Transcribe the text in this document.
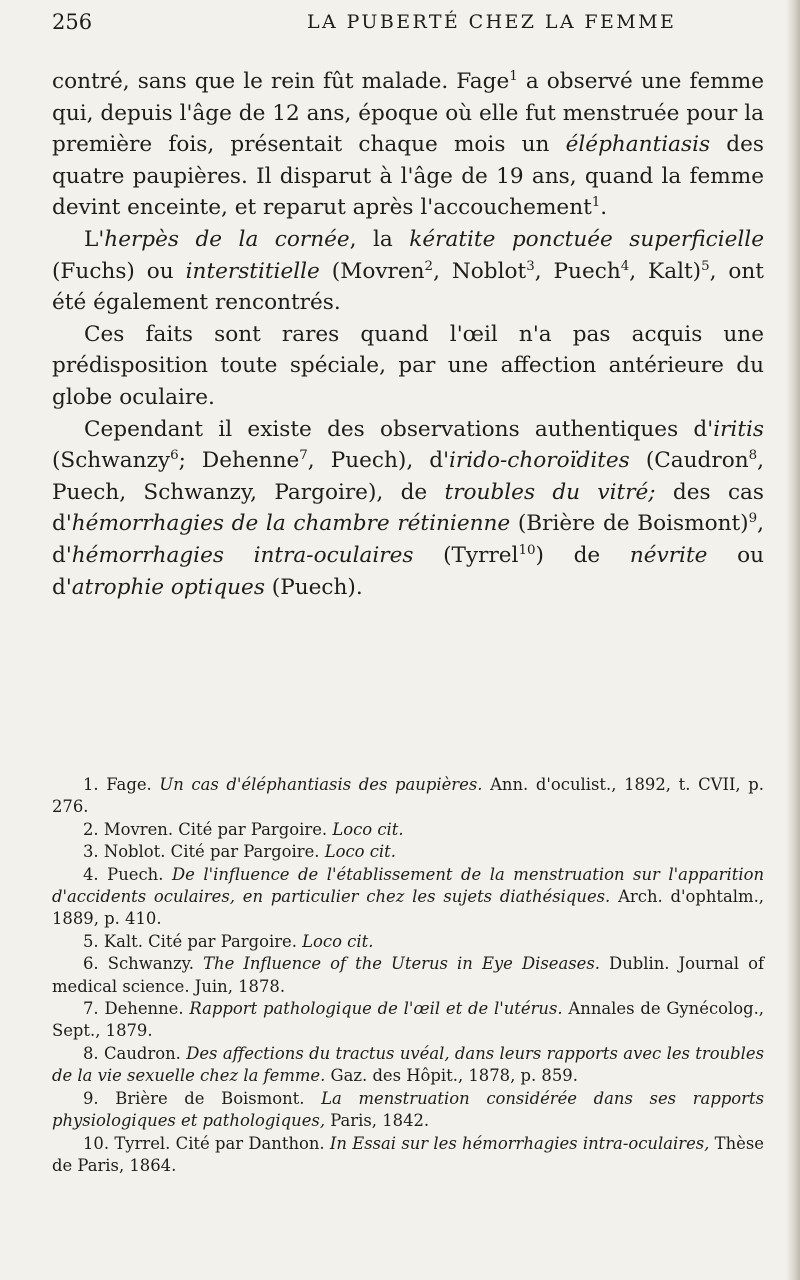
256	LA PUBERTÉ CHEZ LA FEMME

contré, sans que le rein fût malade. Fage$^1$ a observé une femme qui, depuis l'âge de 12 ans, époque où elle fut menstruée pour la première fois, présentait chaque mois un éléphantiasis des quatre paupières. Il disparut à l'âge de 19 ans, quand la femme devint enceinte, et reparut après l'accouchement$^1$.

L'herpès de la cornée, la kératite ponctuée superficielle (Fuchs) ou interstitielle (Movren$^2$, Noblot$^3$, Puech$^4$, Kalt)$^5$, ont été également rencontrés.

Ces faits sont rares quand l'œil n'a pas acquis une prédisposition toute spéciale, par une affection antérieure du globe oculaire.

Cependant il existe des observations authentiques d'iritis (Schwanzy$^6$; Dehenne$^7$, Puech), d'irido-choroïdites (Caudron$^8$, Puech, Schwanzy, Pargoire), de troubles du vitré; des cas d'hémorrhagies de la chambre rétinienne (Brière de Boismont)$^9$, d'hémorrhagies intra-oculaires (Tyrrel$^{10}$) de névrite ou d'atrophie optiques (Puech).

1. Fage. Un cas d'éléphantiasis des paupières. Ann. d'oculist., 1892, t. CVII, p. 276.

2. Movren. Cité par Pargoire. Loco cit.

3. Noblot. Cité par Pargoire. Loco cit.

4. Puech. De l'influence de l'établissement de la menstruation sur l'apparition d'accidents oculaires, en particulier chez les sujets diathésiques. Arch. d'ophtalm., 1889, p. 410.

5. Kalt. Cité par Pargoire. Loco cit.

6. Schwanzy. The Influence of the Uterus in Eye Diseases. Dublin. Journal of medical science. Juin, 1878.

7. Dehenne. Rapport pathologique de l'œil et de l'utérus. Annales de Gynécolog., Sept., 1879.

8. Caudron. Des affections du tractus uvéal, dans leurs rapports avec les troubles de la vie sexuelle chez la femme. Gaz. des Hôpit., 1878, p. 859.

9. Brière de Boismont. La menstruation considérée dans ses rapports physiologiques et pathologiques, Paris, 1842.

10. Tyrrel. Cité par Danthon. In Essai sur les hémorrhagies intra-oculaires, Thèse de Paris, 1864.
